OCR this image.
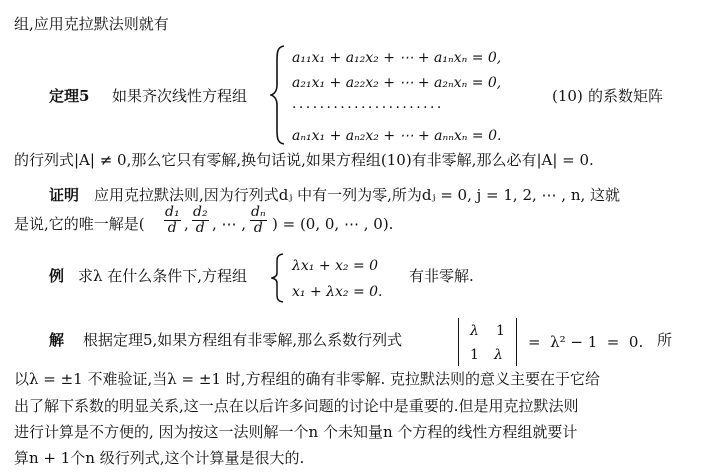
组,应用克拉默法则就有
定理5 如果齐次线性方程组
a₁₁x₁ + a₁₂x₂ + ⋯ + a₁ₙxₙ = 0,
a₂₁x₁ + a₂₂x₂ + ⋯ + a₂ₙxₙ = 0,
· · · · · · · · · · · · · · · · · · · · · ·
aₙ₁x₁ + aₙ₂x₂ + ⋯ + aₙₙxₙ = 0.
(10) 的系数矩阵
的行列式|A| ≠ 0,那么它只有零解,换句话说,如果方程组(10)有非零解,那么必有|A| = 0.
证明 应用克拉默法则,因为行列式dⱼ 中有一列为零,所为dⱼ = 0, j = 1, 2, ⋯ , n, 这就
是说,它的唯一解是( $\frac{\text{d₁}}{d}$ , $\frac{\text{d₂}}{d}$ , ⋯ , $\frac{\text{dₙ}}{d}$ ) = (0, 0, ⋯ , 0).
例 求λ 在什么条件下,方程组
λx₁ + x₂ = 0
x₁ + λx₂ = 0.
有非零解.
解 根据定理5,如果方程组有非零解,那么系数行列式	λ 1
1 λ
=  λ² − 1  =  0. 所
以λ = ±1 不难验证,当λ = ±1 时,方程组的确有非零解. 克拉默法则的意义主要在于它给
出了解下系数的明显关系,这一点在以后许多问题的讨论中是重要的.但是用克拉默法则
进行计算是不方便的, 因为按这一法则解一个n 个未知量n 个方程的线性方程组就要计
算n + 1个n 级行列式,这个计算量是很大的.
